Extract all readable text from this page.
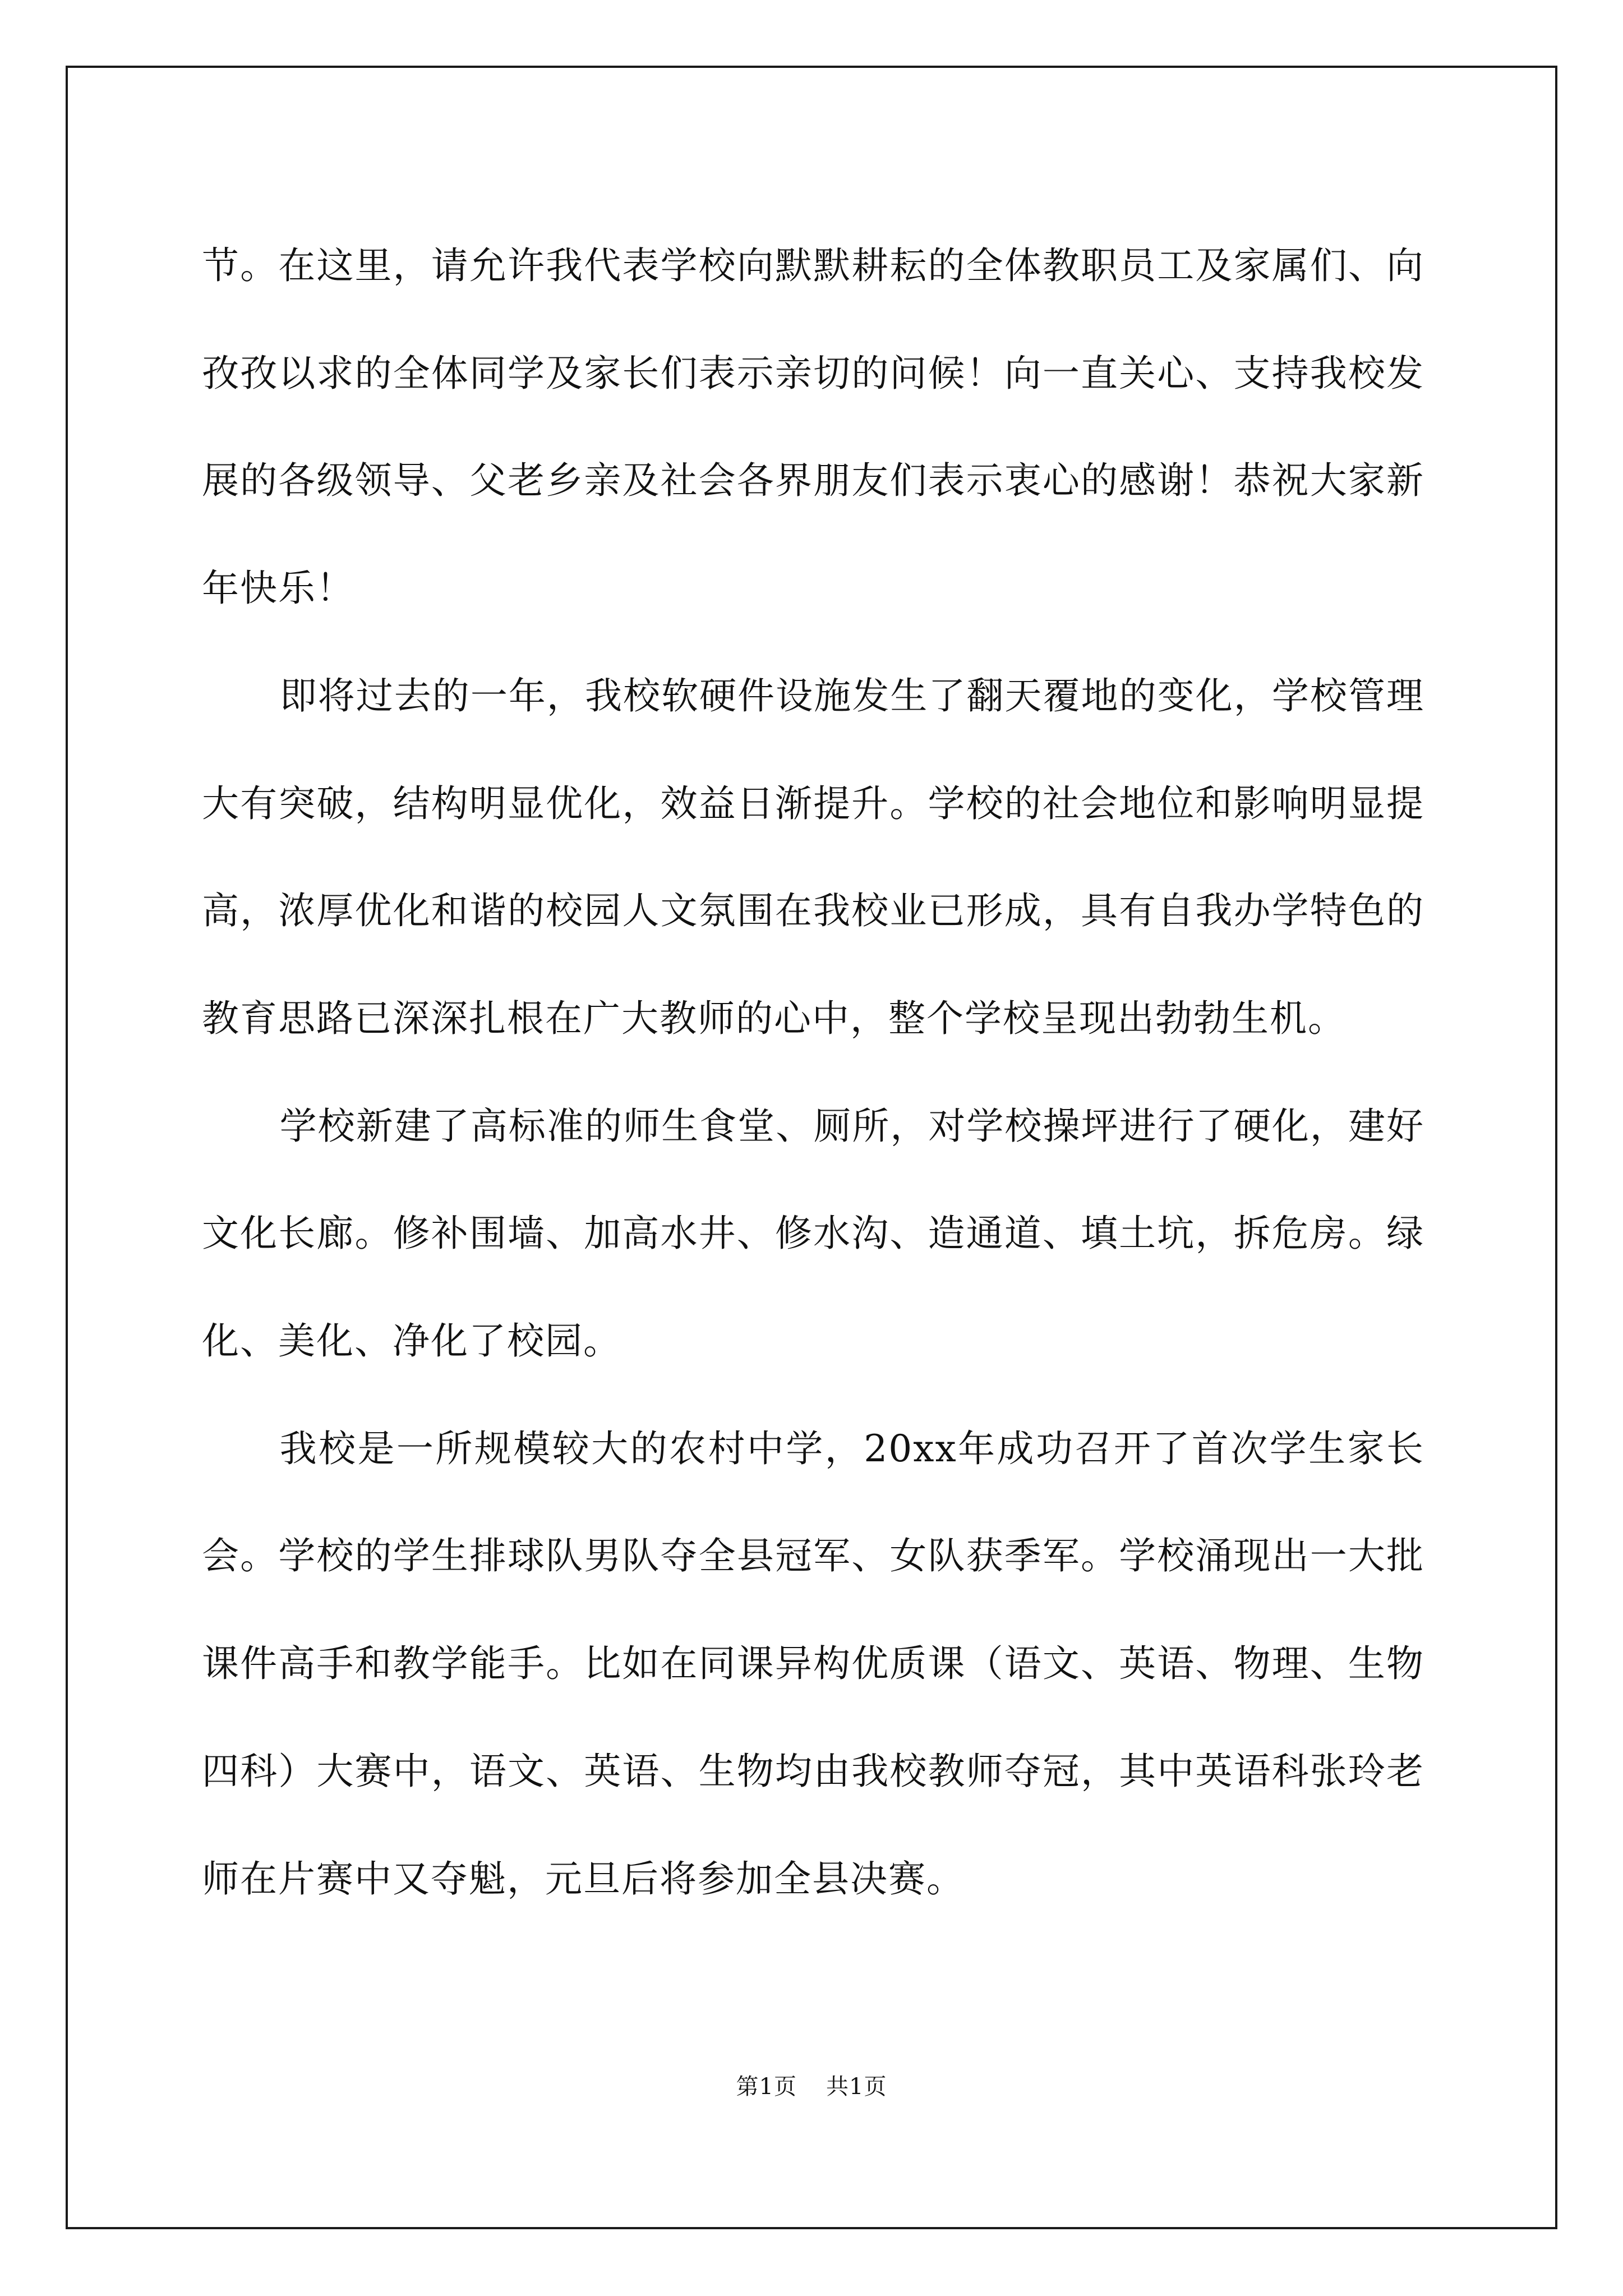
节。在这里，请允许我代表学校向默默耕耘的全体教职员工及家属们、向孜孜以求的全体同学及家长们表示亲切的问候！向一直关心、支持我校发展的各级领导、父老乡亲及社会各界朋友们表示衷心的感谢！恭祝大家新年快乐！

即将过去的一年，我校软硬件设施发生了翻天覆地的变化，学校管理大有突破，结构明显优化，效益日渐提升。学校的社会地位和影响明显提高，浓厚优化和谐的校园人文氛围在我校业已形成，具有自我办学特色的教育思路已深深扎根在广大教师的心中，整个学校呈现出勃勃生机。

学校新建了高标准的师生食堂、厕所，对学校操坪进行了硬化，建好文化长廊。修补围墙、加高水井、修水沟、造通道、填土坑，拆危房。绿化、美化、净化了校园。

我校是一所规模较大的农村中学，20xx年成功召开了首次学生家长会。学校的学生排球队男队夺全县冠军、女队获季军。学校涌现出一大批课件高手和教学能手。比如在同课异构优质课（语文、英语、物理、生物四科）大赛中，语文、英语、生物均由我校教师夺冠，其中英语科张玲老师在片赛中又夺魁，元旦后将参加全县决赛。

第1页 共1页
